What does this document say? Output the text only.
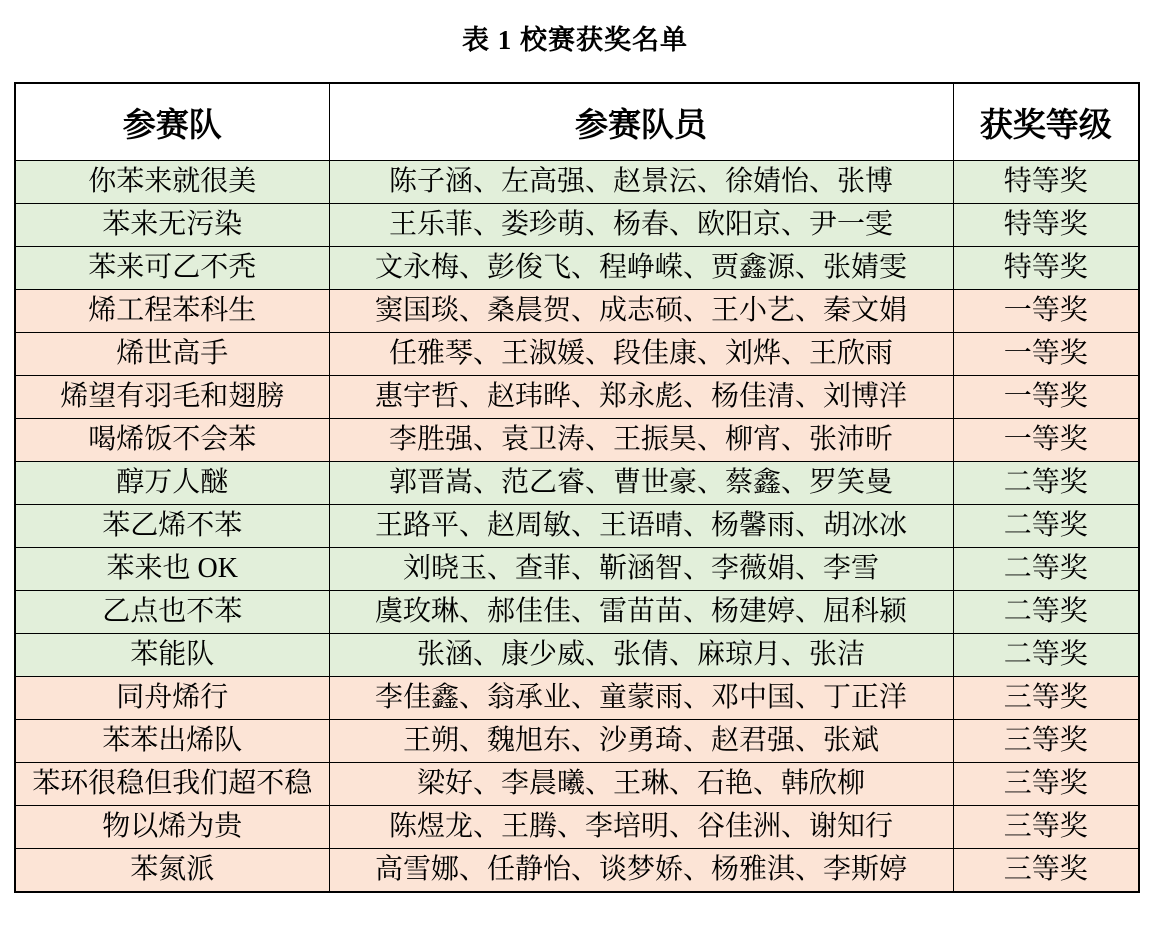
表 1 校赛获奖名单
参赛队	参赛队员	获奖等级
你苯来就很美	陈子涵、左高强、赵景沄、徐婧怡、张博	特等奖
苯来无污染	王乐菲、娄珍萌、杨春、欧阳京、尹一雯	特等奖
苯来可乙不秃	文永梅、彭俊飞、程峥嵘、贾鑫源、张婧雯	特等奖
烯工程苯科生	窦国琰、桑晨贺、成志硕、王小艺、秦文娟	一等奖
烯世高手	任雅琴、王淑媛、段佳康、刘烨、王欣雨	一等奖
烯望有羽毛和翅膀	惠宇哲、赵玮晔、郑永彪、杨佳清、刘博洋	一等奖
喝烯饭不会苯	李胜强、袁卫涛、王振昊、柳宵、张沛昕	一等奖
醇万人醚	郭晋嵩、范乙睿、曹世豪、蔡鑫、罗笑曼	二等奖
苯乙烯不苯	王路平、赵周敏、王语晴、杨馨雨、胡冰冰	二等奖
苯来也 OK	刘晓玉、查菲、靳涵智、李薇娟、李雪	二等奖
乙点也不苯	虞玫琳、郝佳佳、雷苗苗、杨建婷、屈科颍	二等奖
苯能队	张涵、康少威、张倩、麻琼月、张洁	二等奖
同舟烯行	李佳鑫、翁承业、童蒙雨、邓中国、丁正洋	三等奖
苯苯出烯队	王朔、魏旭东、沙勇琦、赵君强、张斌	三等奖
苯环很稳但我们超不稳	梁好、李晨曦、王琳、石艳、韩欣柳	三等奖
物以烯为贵	陈煜龙、王腾、李培明、谷佳洲、谢知行	三等奖
苯氮派	高雪娜、任静怡、谈梦娇、杨雅淇、李斯婷	三等奖
